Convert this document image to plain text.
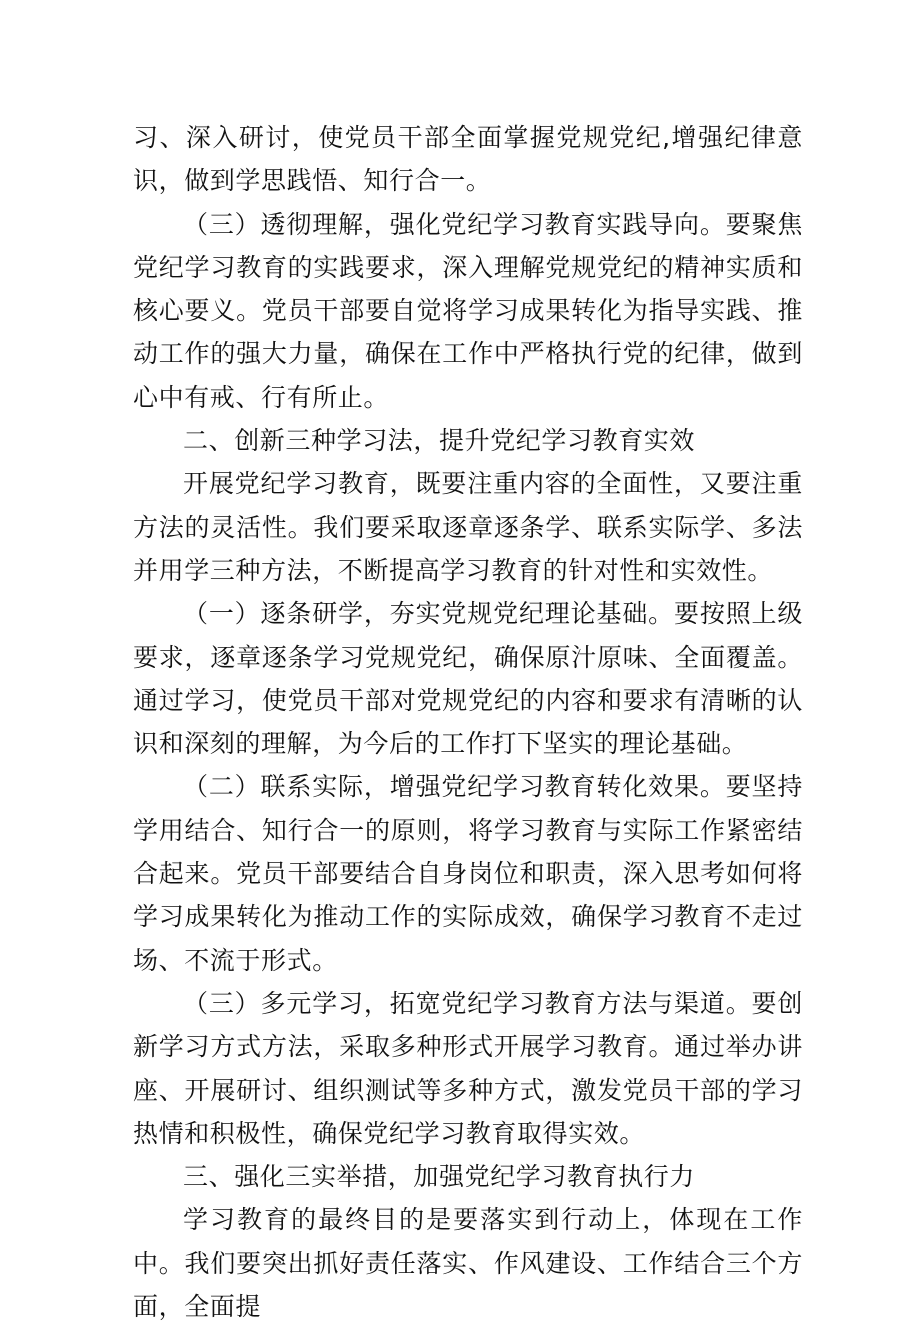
习、深入研讨，使党员干部全面掌握党规党纪,增强纪律意识，做到学思践悟、知行合一。

（三）透彻理解，强化党纪学习教育实践导向。要聚焦党纪学习教育的实践要求，深入理解党规党纪的精神实质和核心要义。党员干部要自觉将学习成果转化为指导实践、推动工作的强大力量，确保在工作中严格执行党的纪律，做到心中有戒、行有所止。

二、创新三种学习法，提升党纪学习教育实效

开展党纪学习教育，既要注重内容的全面性，又要注重方法的灵活性。我们要采取逐章逐条学、联系实际学、多法并用学三种方法，不断提高学习教育的针对性和实效性。

（一）逐条研学，夯实党规党纪理论基础。要按照上级要求，逐章逐条学习党规党纪，确保原汁原味、全面覆盖。通过学习，使党员干部对党规党纪的内容和要求有清晰的认识和深刻的理解，为今后的工作打下坚实的理论基础。

（二）联系实际，增强党纪学习教育转化效果。要坚持学用结合、知行合一的原则，将学习教育与实际工作紧密结合起来。党员干部要结合自身岗位和职责，深入思考如何将学习成果转化为推动工作的实际成效，确保学习教育不走过场、不流于形式。

（三）多元学习，拓宽党纪学习教育方法与渠道。要创新学习方式方法，采取多种形式开展学习教育。通过举办讲座、开展研讨、组织测试等多种方式，激发党员干部的学习热情和积极性，确保党纪学习教育取得实效。

三、强化三实举措，加强党纪学习教育执行力

学习教育的最终目的是要落实到行动上，体现在工作中。我们要突出抓好责任落实、作风建设、工作结合三个方面，全面提
